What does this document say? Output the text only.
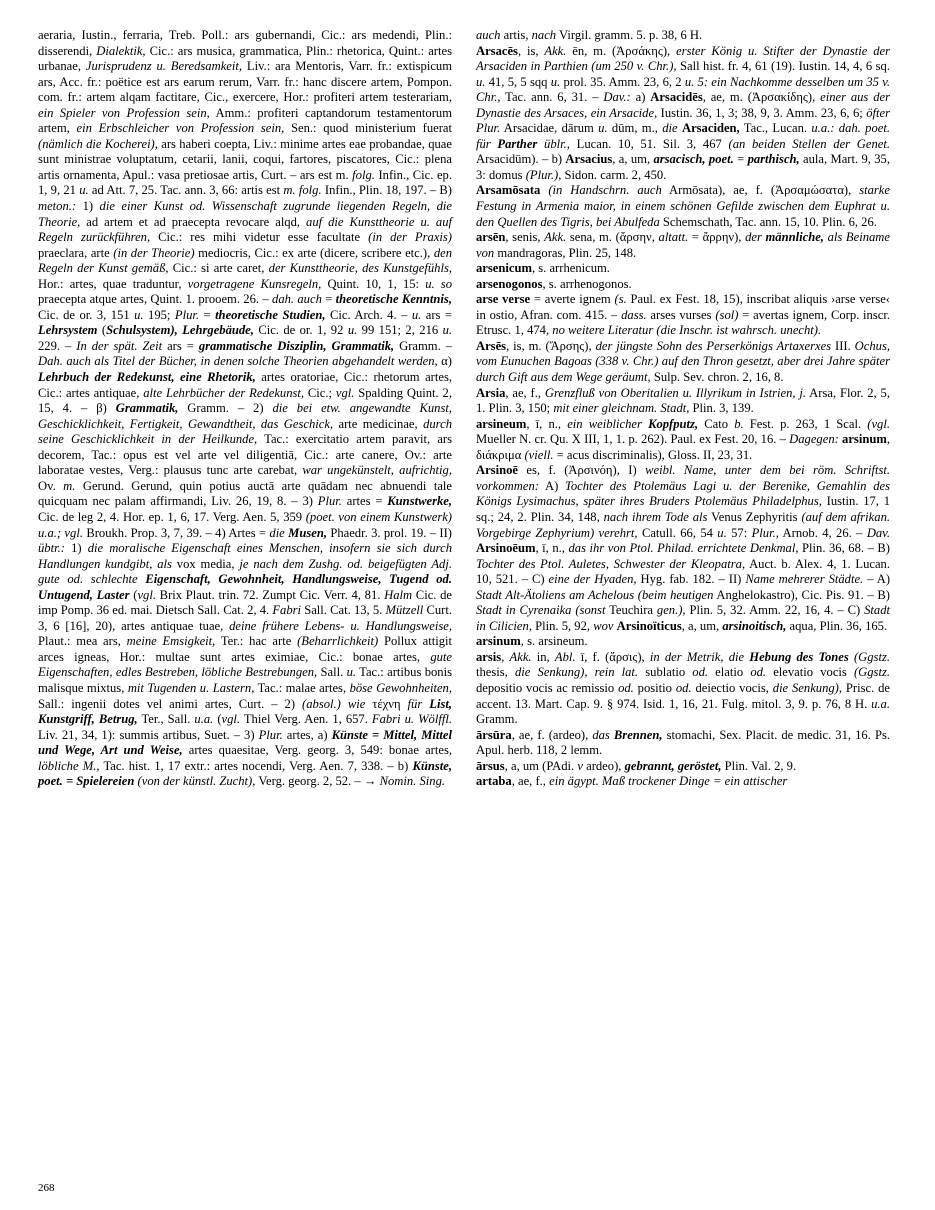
aeraria, Iustin., ferraria, Treb. Poll.: ars gubernandi, Cic.: ars medendi, Plin.: disserendi, Dialektik, Cic.: ars musica, grammatica, Plin.: rhetorica, Quint.: artes urbanae, Jurisprudenz u. Beredsamkeit, Liv.: ara Mentoris, Varr. fr.: extispicum ars, Acc. fr.: poëtice est ars earum rerum, Varr. fr.: hanc discere artem, Pompon. com. fr.: artem alqam factitare, Cic., exercere, Hor.: profiteri artem testerariam, ein Spieler von Profession sein, Amm.: profiteri captandorum testamentorum artem, ein Erbschleicher von Profession sein, Sen.: quod ministerium fuerat (nämlich die Kocherei), ars haberi coepta, Liv.: minime artes eae probandae, quae sunt ministrae voluptatum, cetarii, lanii, coqui, fartores, piscatores, Cic.: plena artis ornamenta, Apul.: vasa pretiosae artis, Curt. – ars est m. folg. Infin., Cic. ep. 1, 9, 21 u. ad Att. 7, 25. Tac. ann. 3, 66: artis est m. folg. Infin., Plin. 18, 197. – B) meton.: 1) die einer Kunst od. Wissenschaft zugrunde liegenden Regeln, die Theorie, ad artem et ad praecepta revocare alqd, auf die Kunsttheorie u. auf Regeln zurückführen, Cic.: res mihi videtur esse facultate (in der Praxis) praeclara, arte (in der Theorie) mediocris, Cic.: ex arte (dicere, scribere etc.), den Regeln der Kunst gemäß, Cic.: si arte caret, der Kunsttheorie, des Kunstgefühls, Hor.: artes, quae traduntur, vorgetragene Kunsregeln, Quint. 10, 1, 15: u. so praecepta atque artes, Quint. 1. prooem. 26. – dah. auch = theoretische Kenntnis, Cic. de or. 3, 151 u. 195; Plur. = theoretische Studien, Cic. Arch. 4. – u. ars = Lehrsystem (Schulsystem), Lehrgebäude, Cic. de or. 1, 92 u. 99 151; 2, 216 u. 229. – In der spät. Zeit ars = grammatische Disziplin, Grammatik, Gramm. – Dah. auch als Titel der Bücher, in denen solche Theorien abgehandelt werden, α) Lehrbuch der Redekunst, eine Rhetorik, artes oratoriae, Cic.: rhetorum artes, Cic.: artes antiquae, alte Lehrbücher der Redekunst, Cic.; vgl. Spalding Quint. 2, 15, 4. – β) Grammatik, Gramm. – 2) die bei etw. angewandte Kunst, Geschicklichkeit, Fertigkeit, Gewandtheit, das Geschick, arte medicinae, durch seine Geschicklichkeit in der Heilkunde, Tac.: exercitatio artem paravit, ars decorem, Tac.: opus est vel arte vel diligentiā, Cic.: arte canere, Ov.: arte laboratae vestes, Verg.: plausus tunc arte carebat, war ungekünstelt, aufrichtig, Ov. m. Gerund. Gerund, quin potius auctā arte quādam nec abnuendi tale quicquam nec palam affirmandi, Liv. 26, 19, 8. – 3) Plur. artes = Kunstwerke, Cic. de leg 2, 4. Hor. ep. 1, 6, 17. Verg. Aen. 5, 359 (poet. von einem Kunstwerk) u.a.; vgl. Broukh. Prop. 3, 7, 39. – 4) Artes = die Musen, Phaedr. 3. prol. 19. – II) übtr.: 1) die moralische Eigenschaft eines Menschen, insofern sie sich durch Handlungen kundgibt, als vox media, je nach dem Zushg. od. beigefügten Adj. gute od. schlechte Eigenschaft, Gewohnheit, Handlungsweise, Tugend od. Untugend, Laster (vgl. Brix Plaut. trin. 72. Zumpt Cic. Verr. 4, 81. Halm Cic. de imp Pomp. 36 ed. mai. Dietsch Sall. Cat. 2, 4. Fabri Sall. Cat. 13, 5. Mützell Curt. 3, 6 [16], 20), artes antiquae tuae, deine frühere Lebens- u. Handlungsweise, Plaut.: mea ars, meine Emsigkeit, Ter.: hac arte (Beharrlichkeit) Pollux attigit arces igneas, Hor.: multae sunt artes eximiae, Cic.: bonae artes, gute Eigenschaften, edles Bestreben, löbliche Bestrebungen, Sall. u. Tac.: artibus bonis malisque mixtus, mit Tugenden u. Lastern, Tac.: malae artes, böse Gewohnheiten, Sall.: ingenii dotes vel animi artes, Curt. – 2) (absol.) wie τέχνη für List, Kunstgriff, Betrug, Ter., Sall. u.a. (vgl. Thiel Verg. Aen. 1, 657. Fabri u. Wölffl. Liv. 21, 34, 1): summis artibus, Suet. – 3) Plur. artes, a) Künste = Mittel, Mittel und Wege, Art und Weise, artes quaesitae, Verg. georg. 3, 549: bonae artes, löbliche M., Tac. hist. 1, 17 extr.: artes nocendi, Verg. Aen. 7, 338. – b) Künste, poet. = Spielereien (von der künstl. Zucht), Verg. georg. 2, 52. – → Nomin. Sing.

auch artis, nach Virgil. gramm. 5. p. 38, 6 H.

Arsacēs, is, Akk. ēn, m. (Ἀρσάκης), erster König u. Stifter der Dynastie der Arsaciden in Parthien (um 250 v. Chr.), Sall hist. fr. 4, 61 (19). Iustin. 14, 4, 6 sq. u. 41, 5, 5 sqq u. prol. 35. Amm. 23, 6, 2 u. 5: ein Nachkomme desselben um 35 v. Chr., Tac. ann. 6, 31. – Dav.: a) Arsacidēs, ae, m. (Ἀρσακίδης), einer aus der Dynastie des Arsaces, ein Arsacide, Iustin. 36, 1, 3; 38, 9, 3. Amm. 23, 6, 6; öfter Plur. Arsacidae, dārum u. dūm, m., die Arsaciden, Tac., Lucan. u.a.: dah. poet. für Parther üblr., Lucan. 10, 51. Sil. 3, 467 (an beiden Stellen der Genet. Arsacidūm). – b) Arsacius, a, um, arsacisch, poet. = parthisch, aula, Mart. 9, 35, 3: domus (Plur.), Sidon. carm. 2, 450.

Arsamōsata (in Handschrn. auch Armōsata), ae, f. (Ἀρσαμώσατα), starke Festung in Armenia maior, in einem schönen Gefilde zwischen dem Euphrat u. den Quellen des Tigris, bei Abulfeda Schemschath, Tac. ann. 15, 10. Plin. 6, 26.

arsēn, senis, Akk. sena, m. (ἄρσην, altatt. = ἄρρην), der männliche, als Beiname von mandragoras, Plin. 25, 148.

arsenicum, s. arrhenicum.

arsenogonos, s. arrhenogonos.

arse verse = averte ignem (s. Paul. ex Fest. 18, 15), inscribat aliquis ›arse verse‹ in ostio, Afran. com. 415. – dass. arses vurses (sol) = avertas ignem, Corp. inscr. Etrusc. 1, 474, no weitere Literatur (die Inschr. ist wahrsch. unecht).

Arsēs, is, m. (Ἄρσης), der jüngste Sohn des Perserkönigs Artaxerxes III. Ochus, vom Eunuchen Bagoas (338 v. Chr.) auf den Thron gesetzt, aber drei Jahre später durch Gift aus dem Wege geräumt, Sulp. Sev. chron. 2, 16, 8.

Arsia, ae, f., Grenzfluß von Oberitalien u. Illyrikum in Istrien, j. Arsa, Flor. 2, 5, 1. Plin. 3, 150; mit einer gleichnam. Stadt, Plin. 3, 139.

arsineum, ī, n., ein weiblicher Kopfputz, Cato b. Fest. p. 263, 1 Scal. (vgl. Mueller N. cr. Qu. X III, 1, 1. p. 262). Paul. ex Fest. 20, 16. – Dagegen: arsinum, διάκριμα (viell. = acus discriminalis), Gloss. II, 23, 31.

Arsinoē es, f. (Ἀρσινόη), I) weibl. Name, unter dem bei röm. Schriftst. vorkommen: A) Tochter des Ptolemäus Lagi u. der Berenike, Gemahlin des Königs Lysimachus, später ihres Bruders Ptolemäus Philadelphus, Iustin. 17, 1 sq.; 24, 2. Plin. 34, 148, nach ihrem Tode als Venus Zephyritis (auf dem afrikan. Vorgebirge Zephyrium) verehrt, Catull. 66, 54 u. 57: Plur., Arnob. 4, 26. – Dav. Arsinoēum, ī, n., das ihr von Ptol. Philad. errichtete Denkmal, Plin. 36, 68. – B) Tochter des Ptol. Auletes, Schwester der Kleopatra, Auct. b. Alex. 4, 1. Lucan. 10, 521. – C) eine der Hyaden, Hyg. fab. 182. – II) Name mehrerer Städte. – A) Stadt Alt-Ätoliens am Achelous (beim heutigen Anghelokastro), Cic. Pis. 91. – B) Stadt in Cyrenaika (sonst Teuchira gen.), Plin. 5, 32. Amm. 22, 16, 4. – C) Stadt in Cilicien, Plin. 5, 92, wov Arsinoïticus, a, um, arsinoitisch, aqua, Plin. 36, 165.

arsinum, s. arsineum.

arsis, Akk. in, Abl. ī, f. (ἄρσις), in der Metrik, die Hebung des Tones (Ggstz. thesis, die Senkung), rein lat. sublatio od. elatio od. elevatio vocis (Ggstz. depositio vocis ac remissio od. positio od. deiectio vocis, die Senkung), Prisc. de accent. 13. Mart. Cap. 9. § 974. Isid. 1, 16, 21. Fulg. mitol. 3, 9. p. 76, 8 H. u.a. Gramm.

ārsūra, ae, f. (ardeo), das Brennen, stomachi, Sex. Placit. de medic. 31, 16. Ps. Apul. herb. 118, 2 lemm.

ārsus, a, um (PAdi. v ardeo), gebrannt, geröstet, Plin. Val. 2, 9.

artaba, ae, f., ein ägypt. Maß trockener Dinge = ein attischer

268
